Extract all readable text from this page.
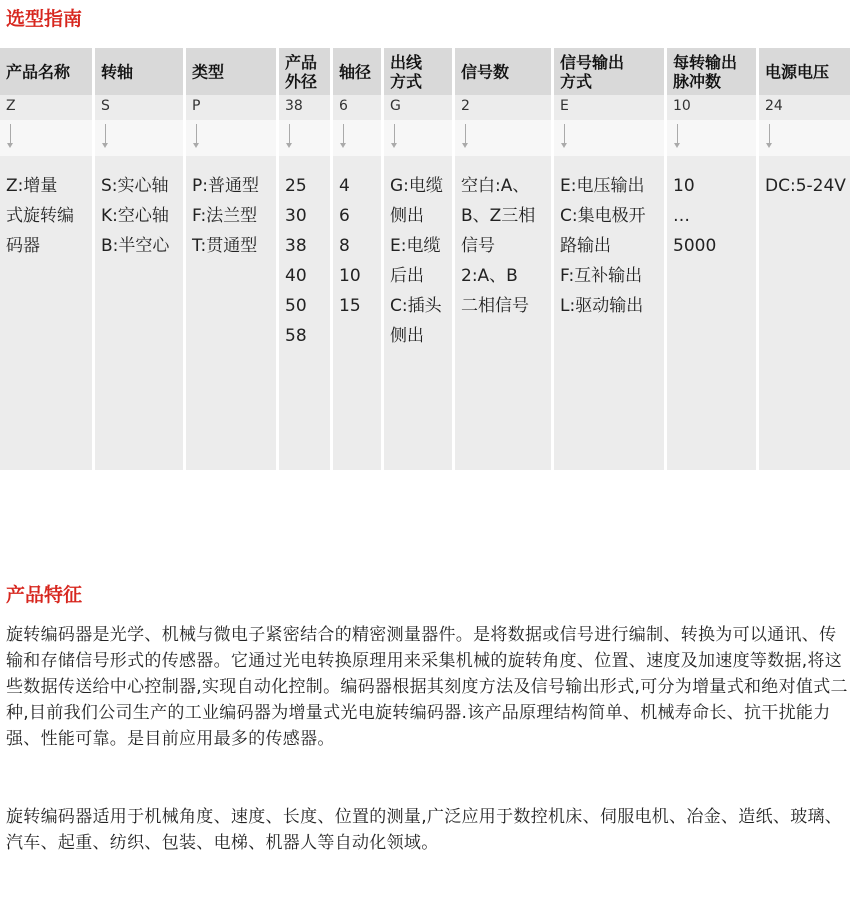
选型指南
产品名称
Z
Z:增量
式旋转编
码器
转轴
S
S:实心轴
K:空心轴
B:半空心
类型
P
P:普通型
F:法兰型
T:贯通型
产品
外径
38
25
30
38
40
50
58
轴径
6
4
6
8
10
15
出线
方式
G
G:电缆
侧出
E:电缆
后出
C:插头
侧出
信号数
2
空白:A、
B、Z三相
信号
2:A、B
二相信号
信号输出
方式
E
E:电压输出
C:集电极开
路输出
F:互补输出
L:驱动输出
每转输出
脉冲数
10
10
…
5000
电源电压
24
DC:5-24V
产品特征

旋转编码器是光学、机械与微电子紧密结合的精密测量器件。是将数据或信号进行编制、转换为可以通讯、传输和存储信号形式的传感器。它通过光电转换原理用来采集机械的旋转角度、位置、速度及加速度等数据,将这些数据传送给中心控制器,实现自动化控制。编码器根据其刻度方法及信号输出形式,可分为增量式和绝对值式二种,目前我们公司生产的工业编码器为增量式光电旋转编码器.该产品原理结构简单、机械寿命长、抗干扰能力强、性能可靠。是目前应用最多的传感器。

旋转编码器适用于机械角度、速度、长度、位置的测量,广泛应用于数控机床、伺服电机、冶金、造纸、玻璃、汽车、起重、纺织、包装、电梯、机器人等自动化领域。
